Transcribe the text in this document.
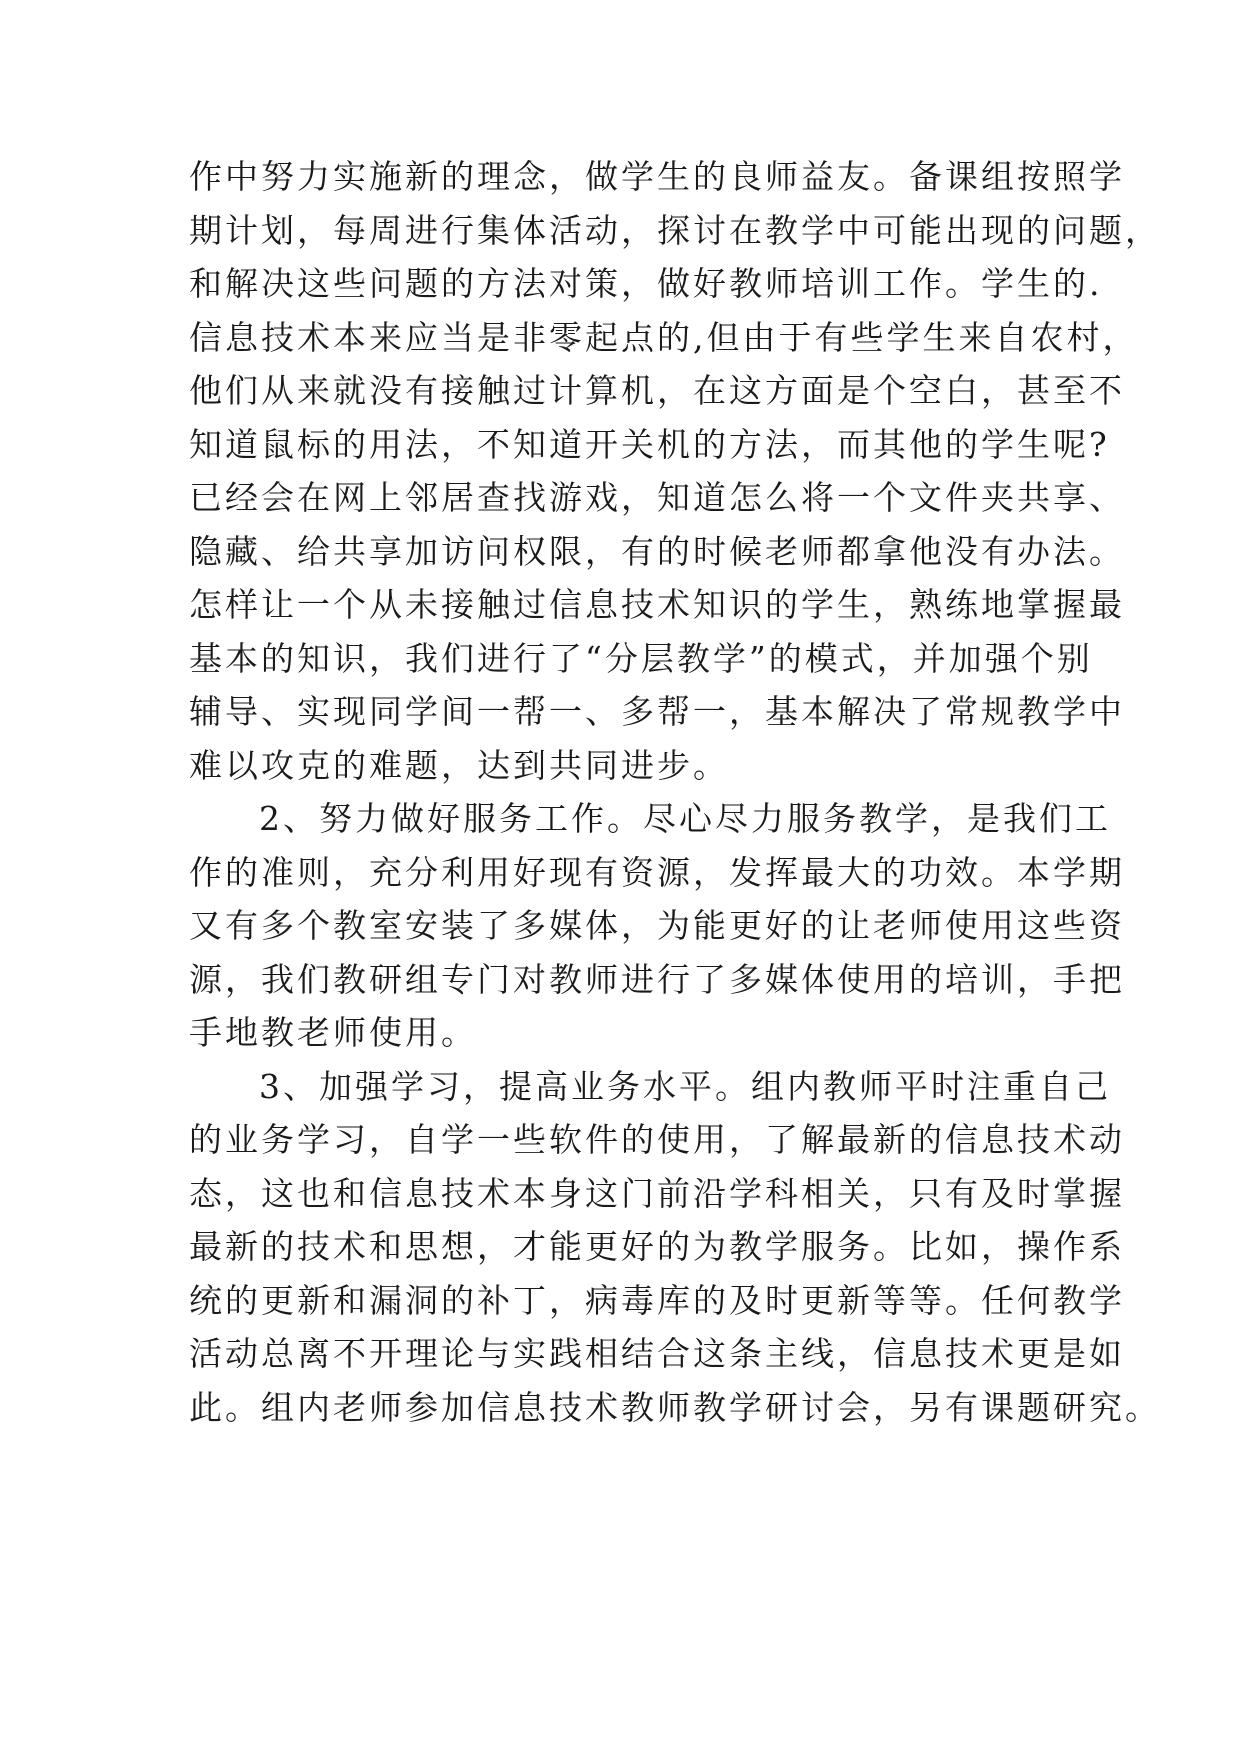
作中努力实施新的理念，做学生的良师益友。备课组按照学
期计划，每周进行集体活动，探讨在教学中可能出现的问题，
和解决这些问题的方法对策，做好教师培训工作。学生的.
信息技术本来应当是非零起点的,但由于有些学生来自农村，
他们从来就没有接触过计算机，在这方面是个空白，甚至不
知道鼠标的用法，不知道开关机的方法，而其他的学生呢?
已经会在网上邻居查找游戏，知道怎么将一个文件夹共享、
隐藏、给共享加访问权限，有的时候老师都拿他没有办法。
怎样让一个从未接触过信息技术知识的学生，熟练地掌握最
基本的知识，我们进行了“分层教学”的模式，并加强个别
辅导、实现同学间一帮一、多帮一，基本解决了常规教学中
难以攻克的难题，达到共同进步。
2、努力做好服务工作。尽心尽力服务教学，是我们工
作的准则，充分利用好现有资源，发挥最大的功效。本学期
又有多个教室安装了多媒体，为能更好的让老师使用这些资
源，我们教研组专门对教师进行了多媒体使用的培训，手把
手地教老师使用。
3、加强学习，提高业务水平。组内教师平时注重自己
的业务学习，自学一些软件的使用，了解最新的信息技术动
态，这也和信息技术本身这门前沿学科相关，只有及时掌握
最新的技术和思想，才能更好的为教学服务。比如，操作系
统的更新和漏洞的补丁，病毒库的及时更新等等。任何教学
活动总离不开理论与实践相结合这条主线，信息技术更是如
此。组内老师参加信息技术教师教学研讨会，另有课题研究。
